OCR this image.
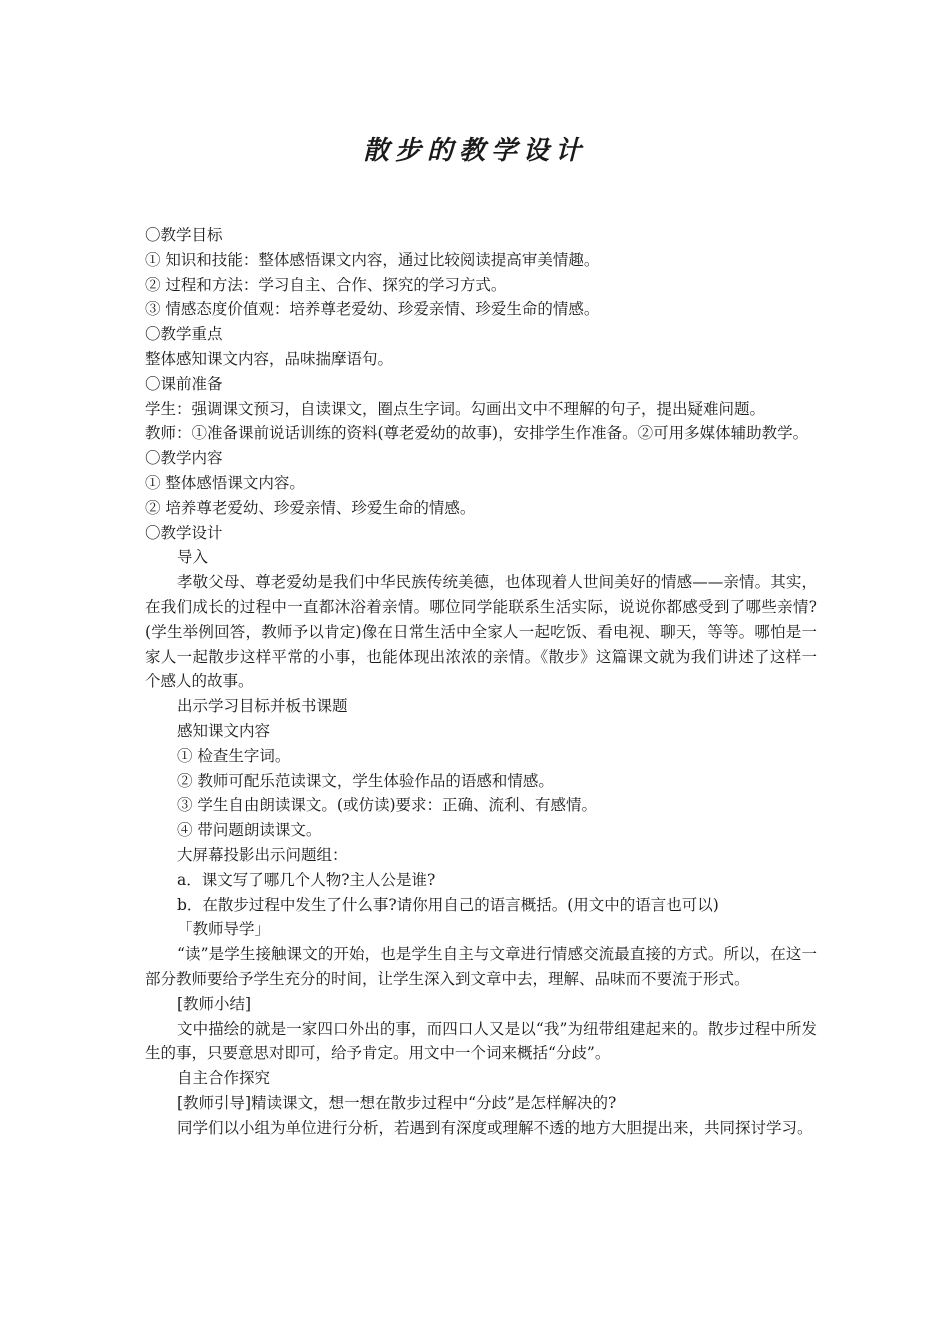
散步的教学设计

〇教学目标

① 知识和技能：整体感悟课文内容，通过比较阅读提高审美情趣。

② 过程和方法：学习自主、合作、探究的学习方式。

③ 情感态度价值观：培养尊老爱幼、珍爱亲情、珍爱生命的情感。

〇教学重点

整体感知课文内容，品味揣摩语句。

〇课前准备

学生：强调课文预习，自读课文，圈点生字词。勾画出文中不理解的句子，提出疑难问题。

教师：①准备课前说话训练的资料(尊老爱幼的故事)，安排学生作准备。②可用多媒体辅助教学。

〇教学内容

① 整体感悟课文内容。

② 培养尊老爱幼、珍爱亲情、珍爱生命的情感。

〇教学设计

导入

孝敬父母、尊老爱幼是我们中华民族传统美德，也体现着人世间美好的情感——亲情。其实，在我们成长的过程中一直都沐浴着亲情。哪位同学能联系生活实际，说说你都感受到了哪些亲情?(学生举例回答，教师予以肯定)像在日常生活中全家人一起吃饭、看电视、聊天，等等。哪怕是一家人一起散步这样平常的小事，也能体现出浓浓的亲情。《散步》这篇课文就为我们讲述了这样一个感人的故事。

出示学习目标并板书课题

感知课文内容

① 检查生字词。

② 教师可配乐范读课文，学生体验作品的语感和情感。

③ 学生自由朗读课文。(或仿读)要求：正确、流利、有感情。

④ 带问题朗读课文。

大屏幕投影出示问题组：

a．课文写了哪几个人物?主人公是谁?

b．在散步过程中发生了什么事?请你用自己的语言概括。(用文中的语言也可以)

「教师导学」

“读”是学生接触课文的开始，也是学生自主与文章进行情感交流最直接的方式。所以，在这一部分教师要给予学生充分的时间，让学生深入到文章中去，理解、品味而不要流于形式。

[教师小结]

文中描绘的就是一家四口外出的事，而四口人又是以“我”为纽带组建起来的。散步过程中所发生的事，只要意思对即可，给予肯定。用文中一个词来概括“分歧”。

自主合作探究

[教师引导]精读课文，想一想在散步过程中“分歧”是怎样解决的?

同学们以小组为单位进行分析，若遇到有深度或理解不透的地方大胆提出来，共同探讨学习。
